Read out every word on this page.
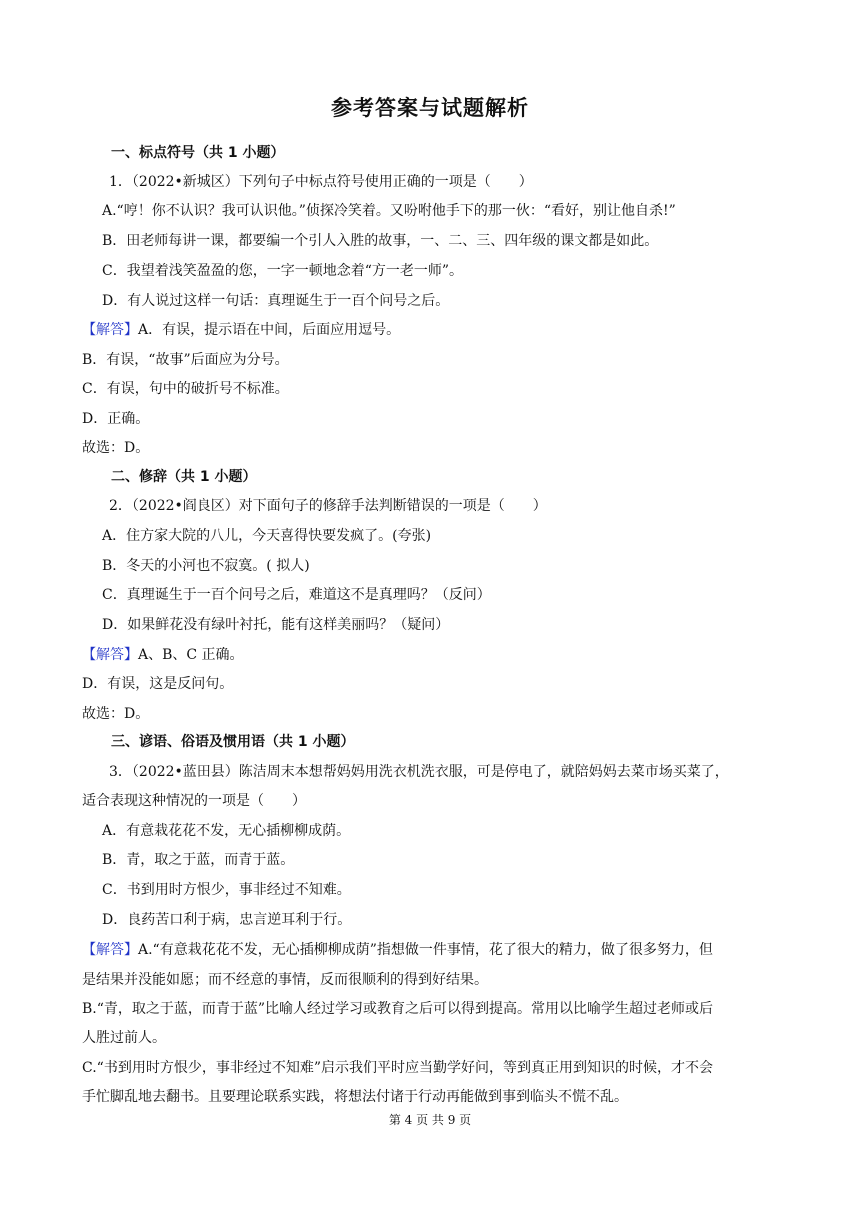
参考答案与试题解析
一、标点符号（共 1 小题）
1．（2022•新城区）下列句子中标点符号使用正确的一项是（　　）
A.“哼！你不认识？我可认识他。”侦探冷笑着。又吩咐他手下的那一伙：“看好，别让他自杀!”
B．田老师每讲一课，都要编一个引人入胜的故事，一、二、三、四年级的课文都是如此。
C．我望着浅笑盈盈的您，一字一顿地念着“方一老一师”。
D．有人说过这样一句话：真理诞生于一百个问号之后。
【解答】A．有误，提示语在中间，后面应用逗号。
B．有误，“故事”后面应为分号。
C．有误，句中的破折号不标准。
D．正确。
故选：D。
二、修辞（共 1 小题）
2．（2022•阎良区）对下面句子的修辞手法判断错误的一项是（　　）
A．住方家大院的八儿，今天喜得快要发疯了。(夸张)
B．冬天的小河也不寂寞。( 拟人)
C．真理诞生于一百个问号之后，难道这不是真理吗？（反问）
D．如果鲜花没有绿叶衬托，能有这样美丽吗？（疑问）
【解答】A、B、C 正确。
D．有误，这是反问句。
故选：D。
三、谚语、俗语及惯用语（共 1 小题）
3．（2022•蓝田县）陈洁周末本想帮妈妈用洗衣机洗衣服，可是停电了，就陪妈妈去菜市场买菜了，
适合表现这种情况的一项是（　　）
A．有意栽花花不发，无心插柳柳成荫。
B．青，取之于蓝，而青于蓝。
C．书到用时方恨少，事非经过不知难。
D．良药苦口利于病，忠言逆耳利于行。
【解答】A.“有意栽花花不发，无心插柳柳成荫”指想做一件事情，花了很大的精力，做了很多努力，但
是结果并没能如愿；而不经意的事情，反而很顺利的得到好结果。
B.“青，取之于蓝，而青于蓝”比喻人经过学习或教育之后可以得到提高。常用以比喻学生超过老师或后
人胜过前人。
C.“书到用时方恨少，事非经过不知难”启示我们平时应当勤学好问，等到真正用到知识的时候，才不会
手忙脚乱地去翻书。且要理论联系实践，将想法付诸于行动再能做到事到临头不慌不乱。
第 4 页 共 9 页
